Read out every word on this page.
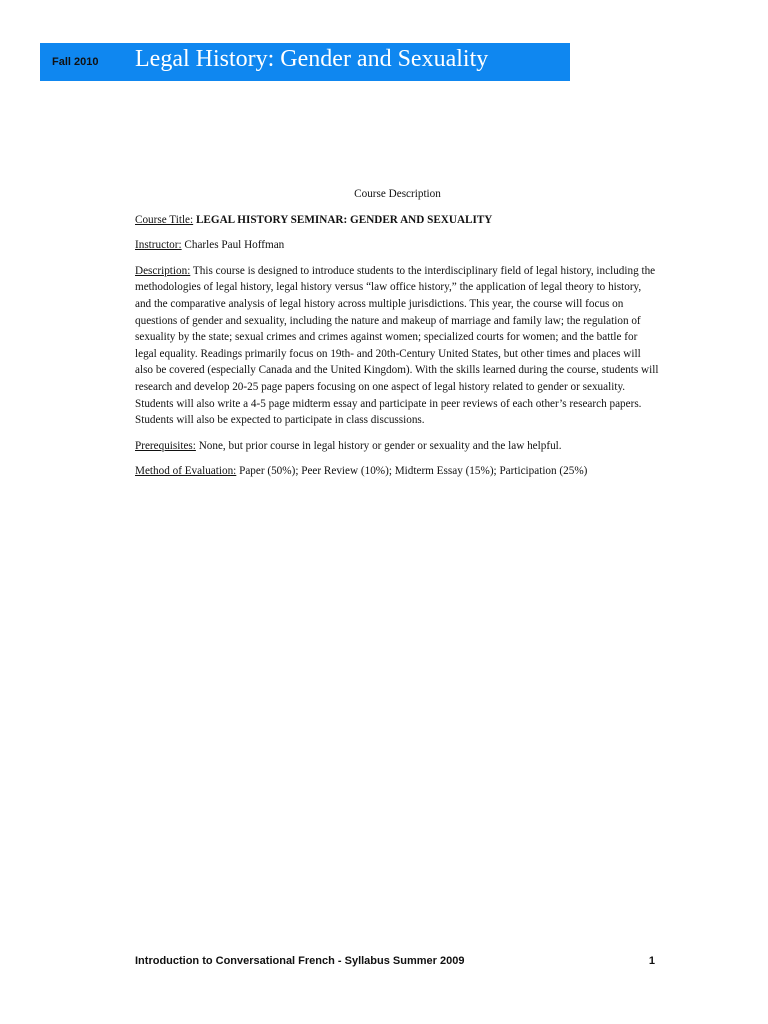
Fall 2010 Legal History: Gender and Sexuality
Course Description

Course Title: LEGAL HISTORY SEMINAR: GENDER AND SEXUALITY

Instructor: Charles Paul Hoffman

Description: This course is designed to introduce students to the interdisciplinary field of legal history, including the methodologies of legal history, legal history versus “law office history,” the application of legal theory to history, and the comparative analysis of legal history across multiple jurisdictions. This year, the course will focus on questions of gender and sexuality, including the nature and makeup of marriage and family law; the regulation of sexuality by the state; sexual crimes and crimes against women; specialized courts for women; and the battle for legal equality. Readings primarily focus on 19th- and 20th-Century United States, but other times and places will also be covered (especially Canada and the United Kingdom). With the skills learned during the course, students will research and develop 20-25 page papers focusing on one aspect of legal history related to gender or sexuality. Students will also write a 4-5 page midterm essay and participate in peer reviews of each other’s research papers. Students will also be expected to participate in class discussions.

Prerequisites: None, but prior course in legal history or gender or sexuality and the law helpful.

Method of Evaluation: Paper (50%); Peer Review (10%); Midterm Essay (15%); Participation (25%)

Introduction to Conversational French - Syllabus Summer 2009	1
